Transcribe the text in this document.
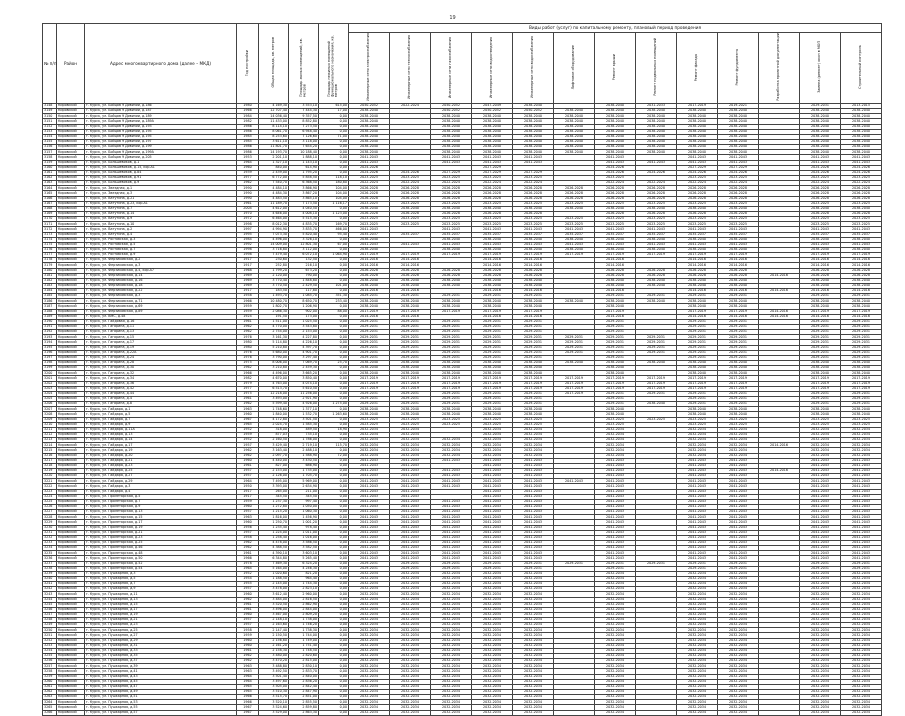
19
№ п/п	Район	Адрес многоквартирного дома (далее – МКД)	Год постройки	Общая площадь, кв. метров	Площадь жилых помещений, кв. метров	Площадь нежилых помещений функционального назначения, кв. метров	Виды работ (услуг) по капитальному ремонту, плановый период проведения												
							Инженерные сети электроснабжения	Инженерные сети теплоснабжения	Инженерные сети газоснабжения	Инженерные сети водоотведения	Инженерные сети водоснабжения	Лифтовое оборудование	Ремонт крыши	Ремонт подвальных помещений	Ремонт фасада	Ремонт фундамента	Разработка проектной документации	Замена (ремонт) окон в МОП	Строительный контроль
3148	Кировский	г. Курск, ул. Бойцов 9 Дивизии, д.186	1980	4 169,30	3 553,10	615,00	2050-2052	2022-2024	2050-2052	2047-2049	2038-2040		2038-2040	2031-2033	2017-2019	2019-2021		2029-2031	2013-2015
3149	Кировский	г. Курск, ул. Бойцов 9 Дивизии, д.187	1966	12 707,40	7 444,30	17,00	2038-2040		2050-2052	2050-2052	2050-2052	2038-2040	2038-2040	2038-2040	2038-2040	2038-2040		2038-2040	2038-2040
3150	Кировский	г. Курск, ул. Бойцов 9 Дивизии, д.189	1984	14 036,40	9 357,50	0,00	2038-2040		2038-2040	2038-2040	2038-2040	2038-2040	2038-2040	2038-2040	2038-2040	2038-2040		2038-2040	2038-2040
3151	Кировский	г. Курск, ул. Бойцов 9 Дивизии, д.189А	1982	11 433,00	8 852,80	0,00	2038-2040		2038-2040	2038-2040	2038-2040	2038-2040	2038-2040	2038-2040	2038-2040	2038-2040		2038-2040	2038-2040
3152	Кировский	г. Курск, ул. Бойцов 9 Дивизии, д.193	1986	8 114,10	7 273,50	0,00	2038-2040		2038-2040	2038-2040	2038-2040	2038-2040	2038-2040	2038-2040	2038-2040	2038-2040		2038-2040	2038-2040
3153	Кировский	г. Курск, ул. Бойцов 9 Дивизии, д.195	1986	8 061,70	6 948,40	0,00	2038-2040		2038-2040	2038-2040	2038-2040	2038-2040	2038-2040	2038-2040	2038-2040	2038-2040		2038-2040	2038-2040
3154	Кировский	г. Курск, ул. Бойцов 9 Дивизии, д.195	1985	8 253,60	7 126,60	71,00	2038-2040		2038-2040	2038-2040	2038-2040	2038-2040	2038-2040	2038-2040	2038-2040	2038-2040		2038-2040	2038-2040
3155	Кировский	г. Курск, ул. Бойцов 9 Дивизии, д.197	1985	3 611,10	3 118,00	0,00	2038-2040		2038-2040	2038-2040	2038-2040	2038-2040	2038-2040	2038-2040	2038-2040	2038-2040		2038-2040	2038-2040
3156	Кировский	г. Курск, ул. Бойцов 9 Дивизии, д.199	1986	11 801,70	7 654,20	0,00	2038-2040		2038-2040	2038-2040	2038-2040	2038-2040	2038-2040	2038-2040	2038-2040	2038-2040		2038-2040	2038-2040
3157	Кировский	г. Курск, ул. Бойцов 9 Дивизии, д.199А	1986	14 193,70	10 188,40	0,00	2038-2040		2038-2040	2038-2040	2038-2040	2038-2040	2038-2040	2038-2040	2038-2040	2038-2040		2038-2040	2038-2040
3158	Кировский	г. Курск, ул. Бойцов 9 Дивизии, д.205	1953	2 201,10	1 888,10	0,00	2041-2043		2041-2043	2041-2043	2041-2043		2041-2043		2041-2043	2041-2043		2041-2043	2041-2043
3159	Кировский	г. Курск, ул. Большевиков, д.1	1964	1 327,10	1 143,10	0,00	2041-2043		2041-2043	2041-2043	2041-2043		2041-2043	2041-2043	2041-2043	2041-2043		2041-2043	2041-2043
3160	Кировский	г. Курск, ул. Большевиков, д.15, кор.А1	1960	840,00	614,90	0,00	2024-2026			2027-2029			2024-2026		2027-2029	2027-2029		2024-2026	2024-2026
3161	Кировский	г. Курск, ул. Большевиков, д.84	1939	2 439,00	1 795,20	0,00	2024-2026	2024-2026	2027-2029	2027-2029	2027-2029		2024-2026	2024-2026	2024-2026	2024-2026		2024-2026	2024-2026
3162	Кировский	г. Курск, ул. Большевиков, д.91	1977	6 772,00	5 858,50	118,10	2023-2025	2023-2025	2023-2025	2023-2025	2023-2025		2023-2025		2023-2025	2023-2025		2023-2025	2023-2025
3163	Кировский	г. Курск, ул. Большевиков, д.9	1962	7 540,70	6 368,50	180,80	2022-2024	2022-2024	2022-2024	2022-2024	2022-2024		2022-2024	2022-2024	2022-2024	2022-2024		2022-2024	2022-2024
3164	Кировский	г. Курск, ул. Звездная, д.1	1990	4 484,10	3 866,90	104,00	2026-2028	2026-2028	2026-2028	2026-2028	2026-2028	2026-2028	2026-2028	2026-2028	2026-2028	2026-2028		2026-2028	2026-2028
3165	Кировский	г. Курск, ул. Звездная, д.3	1990	4 484,30	3 867,20	104,00	2026-2028	2026-2028	2026-2028	2026-2028	2026-2028	2026-2028	2026-2028	2026-2028	2026-2028	2026-2028		2026-2028	2026-2028
3166	Кировский	г. Курск, ул. Ватутина, д.21	1990	4 483,50	3 865,10	104,00	2026-2028	2026-2028	2026-2028	2026-2028	2026-2028	2026-2028	2026-2028	2026-2028	2026-2028	2026-2028		2026-2028	2026-2028
3167	Кировский	г. Курск, ул. Ватутина, д.23, кор.А1	1961	11 189,70	7 173,50	1 116,17	2023-2025	2023-2025	2023-2025	2023-2025	2023-2025	2023-2025	2023-2025	2023-2025	2023-2025	2023-2025		2023-2025	2023-2025
3168	Кировский	г. Курск, ул. Ватутина, д.7	2004	4 612,00	4 040,50	0,00	2038-2040	2038-2040	2038-2040	2038-2040	2038-2040	2038-2040	2038-2040	2038-2040	2038-2040	2038-2040		2038-2040	2038-2040
3169	Кировский	г. Курск, ул. Ватутина, д.14	1970	4 646,00	4 008,10	1 123,00	2026-2028	2026-2028	2026-2028	2026-2028	2026-2028		2026-2028	2026-2028	2026-2028	2026-2028		2026-2028	2026-2028
3170	Кировский	г. Курск, ул. Ватутина, д.9	1972	6 464,00	5 515,30	0,00	2023-2025	2023-2025	2023-2025	2023-2025	2023-2025	2023-2025	2023-2025	2023-2025	2023-2025	2023-2025		2023-2025	2023-2025
3171	Кировский	г. Курск, ул. Ватутина, д.10	1998	8 012,30	4 835,70	169,70	2023-2025	2023-2025	2023-2025	2023-2025	2023-2025	2023-2025	2023-2025	2023-2025	2023-2025	2023-2025		2023-2025	2023-2025
3172	Кировский	г. Курск, ул. Ватутина, д.2	1997	4 994,90	3 835,70	466,00	2041-2043		2041-2043	2041-2043	2041-2043	2041-2043	2041-2043	2041-2043	2041-2043	2041-2043		2041-2043	2041-2043
3173	Кировский	г. Курск, ул. Ватутина, д.4	1995	7 073,30	5 820,40	95,40	2035-2037	2035-2037	2035-2037	2035-2037	2035-2037	2035-2037	2035-2037	2035-2037	2035-2037	2035-2037		2035-2037	2035-2037
3174	Кировский	г. Курск, ул. Ростовская, д.3	1984	4 496,00	3 326,10	0,00	2038-2040		2038-2040	2038-2040	2038-2040	2038-2040	2038-2040	2038-2040	2038-2040	2038-2040		2038-2040	2038-2040
3175	Кировский	г. Курск, ул. Ростовская, д.5	1992	14 009,00	12 801,30	67,00	2041-2043	2041-2043	2041-2043	2041-2043	2041-2043	2041-2043	2041-2043	2041-2043	2041-2043	2041-2043		2041-2043	2041-2043
3176	Кировский	г. Курск, ул. Ростовская, д.7	1998	3 716,80	3 112,00	0,00	2038-2040		2038-2040	2038-2040	2038-2040	2038-2040	2038-2040	2038-2040	2038-2040	2038-2040		2038-2040	2038-2040
3177	Кировский	г. Курск, ул. Ростовская, д.9	1998	7 479,40	6 072,10	1 064,90	2017-2019	2017-2019	2017-2019	2017-2019	2017-2019	2017-2019	2017-2019	2017-2019	2017-2019	2017-2019		2017-2019	2017-2019
3178	Кировский	г. Курск, ул. Ферзиковская, д.2	1917	230,60	132,50	0,00	2014-2016	2014-2016		2014-2016	2014-2016		2014-2016		2014-2016	2014-2016		2014-2016	2014-2016
3179	Кировский	г. Курск, ул. Ферзиковская, д.3	1917	252,80	216,10	0,00	2014-2016	2014-2016		2014-2016	2014-2016		2014-2016		2014-2016	2014-2016		2014-2016	2014-2016
3180	Кировский	г. Курск, ул. Ферзиковская, д.4, кор.А7	1968	1 799,20	673,20	0,00	2026-2028	2026-2028	2026-2028	2026-2028	2026-2028		2026-2028	2026-2028	2026-2028	2026-2028		2026-2028	2026-2028
3181	Кировский	г. Курск, ул. Ферзиковская, д.14	1969	2 120,00	790,00	0,00	2026-2028	2026-2028	2026-2028	2026-2028	2026-2028		2026-2028	2026-2028	2026-2028	2026-2028	2014-2016	2026-2028	2026-2028
3182	Кировский	г. Курск, ул. Ферзиковская, д.16	1969	3 770,40	1 848,80	0,00	2038-2040	2038-2040	2038-2040	2038-2040	2038-2040		2038-2040	2038-2040	2038-2040	2038-2040		2038-2040	2038-2040
3183	Кировский	г. Курск, ул. Ферзиковская, д.18	1969	3 770,50	2 429,50	101,00	2038-2040	2038-2040	2038-2040	2038-2040	2038-2040		2038-2040	2038-2040	2038-2040	2038-2040		2038-2040	2038-2040
3184	Кировский	г. Курск, ул. Ферзиковская, д.22	1917	183,50	117,80	0,00	2014-2016	2014-2016		2014-2016	2014-2016		2014-2016		2014-2016	2014-2016	2014-2016	2014-2016	2014-2016
3185	Кировский	г. Курск, ул. Ферзиковская, д.3	1958	1 493,70	1 085,70	351,30	2029-2031	2029-2031	2029-2031	2029-2031	2029-2031		2029-2031	2029-2031	2029-2031	2029-2031		2029-2031	2029-2031
3186	Кировский	г. Курск, ул. Ферзиковская, д.71	1966	10 480,70	8 650,70	233,40	2038-2040	2038-2040	2038-2040	2038-2040	2038-2040	2038-2040	2038-2040	2038-2040	2038-2040	2038-2040		2038-2040	2038-2040
3187	Кировский	г. Курск, ул. Ферзиковская, д.69	1959	1 802,70	1 206,90	0,00	2038-2040	2038-2040	2038-2040	2038-2040	2038-2040		2038-2040		2038-2040	2038-2040		2038-2040	2038-2040
3188	Кировский	г. Курск, ул. Ферзиковская, д.89	1959	2 086,30	902,00	88,00	2017-2019	2017-2019	2017-2019	2017-2019	2017-2019		2017-2019		2017-2019	2017-2019	2014-2016	2017-2019	2017-2019
3189	Кировский	г. Курск, ул. ВМС, д.48	1924	191,50	173,00	0,00	2014-2016	2014-2016		2014-2016	2014-2016		2014-2016		2014-2016	2014-2016	2014-2016	2014-2016	2014-2016
3190	Кировский	г. Курск, ул. Гайдовая, д.16	1961	1 511,00	1 025,50	0,00	2029-2031	2029-2031	2029-2031	2029-2031	2029-2031		2029-2031		2029-2031	2029-2031		2029-2031	2029-2031
3191	Кировский	г. Курск, ул. Гагарина, д.11	1962	4 770,00	3 543,80	0,00	2029-2031	2029-2031	2029-2031	2029-2031	2029-2031		2029-2031		2029-2031	2029-2031		2029-2031	2029-2031
3192	Кировский	г. Курск, ул. Гагарина, д.13	1962	2 754,00	2 153,00	0,00	2029-2031	2029-2031	2029-2031	2029-2031	2029-2031		2029-2031		2029-2031	2029-2031		2029-2031	2029-2031
3193	Кировский	г. Курск, ул. Гагарина, д.15	1976	3 161,30	4 227,80	0,00	2029-2031	2029-2031	2029-2031	2029-2031	2029-2031	2029-2031	2029-2031	2029-2031	2029-2031	2029-2031		2029-2031	2029-2031
3194	Кировский	г. Курск, ул. Гагарина, д.17	1980	5 114,80	4 226,10	0,00	2029-2031	2029-2031	2029-2031	2029-2031	2029-2031	2029-2031	2029-2031	2029-2031	2029-2031	2029-2031		2029-2031	2029-2031
3195	Кировский	г. Курск, ул. Гагарина, д.19	1980	5 210,80	4 397,70	0,00	2029-2031	2029-2031	2029-2031	2029-2031	2029-2031	2029-2031	2029-2031	2029-2031	2029-2031	2029-2031		2029-2031	2029-2031
3196	Кировский	г. Курск, ул. Гагарина, д.22А	1976	5 680,00	4 901,70	0,00	2029-2031	2029-2031	2029-2031	2029-2031	2029-2031	2029-2031	2029-2031	2029-2031	2029-2031	2029-2031		2029-2031	2029-2031
3197	Кировский	г. Курск, ул. Гагарина, д.24	1976	3 790,00	3 297,40	0,00	2029-2031	2029-2031	2029-2031	2029-2031	2029-2031		2029-2031		2029-2031	2029-2031		2029-2031	2029-2031
3198	Кировский	г. Курск, ул. Гагарина, д.28	1975	8 006,00	7 069,70	25,70	2038-2040	2038-2040	2038-2040	2038-2040	2038-2040	2038-2040	2038-2040	2038-2040	2038-2040	2038-2040		2038-2040	2038-2040
3199	Кировский	г. Курск, ул. Гагарина, д.30	1962	3 210,80	2 459,30	0,00	2038-2040	2038-2040	2038-2040	2038-2040	2038-2040		2038-2040		2038-2040	2038-2040		2038-2040	2038-2040
3200	Кировский	г. Курск, ул. Гагарина, д.32	1966	4 496,00	3 665,20	0,00	2038-2040	2038-2040	2038-2040	2038-2040	2038-2040		2038-2040		2038-2040	2038-2040		2038-2040	2038-2040
3201	Кировский	г. Курск, ул. Гагарина, д.34	1982	4 670,00	3 850,40	0,00	2017-2019	2017-2019	2017-2019	2017-2019	2017-2019	2017-2019	2017-2019	2017-2019	2017-2019	2017-2019		2017-2019	2017-2019
3202	Кировский	г. Курск, ул. Гагарина, д.36	1979	4 763,00	4 074,10	0,00	2017-2019	2017-2019	2017-2019	2017-2019	2017-2019	2017-2019	2017-2019	2017-2019	2017-2019	2017-2019		2017-2019	2017-2019
3203	Кировский	г. Курск, ул. Гагарина, д.42	1977	6 513,70	5 610,50	0,00	2017-2019	2017-2019	2017-2019	2017-2019	2017-2019	2017-2019	2017-2019	2017-2019	2017-2019	2017-2019		2017-2019	2017-2019
3204	Кировский	г. Курск, ул. Гагарина, д.44	1975	12 218,00	11 256,00	0,00	2029-2031	2029-2031	2029-2031	2029-2031	2029-2031	2017-2019	2029-2031	2029-2031	2029-2031	2029-2031		2029-2031	2029-2031
3205	Кировский	г. Курск, ул. Гагарина, д.4	1961	3 493,00	2 921,90	0,00	2029-2031	2029-2031	2029-2031	2029-2031	2029-2031		2029-2031		2029-2031	2029-2031		2029-2031	2029-2031
3206	Кировский	г. Курск, ул. Гагарина, д.8	1962	5 599,40	4 926,00	1 275,00	2029-2031	2029-2031	2029-2031	2029-2031	2029-2031		2029-2031	2038-2040	2029-2031	2029-2031		2029-2031	2029-2031
3207	Кировский	г. Курск, ул. Гайдара, д.1	1963	1 748,60	1 377,10	0,00	2038-2040	2038-2040	2038-2040	2038-2040	2038-2040		2038-2040		2038-2040	2038-2040		2038-2040	2038-2040
3208	Кировский	г. Курск, ул. Гайдара, д.5	1960	1 840,00	1 532,70	1 263,60	2038-2040	2038-2040	2038-2040	2038-2040	2038-2040		2038-2040		2038-2040	2038-2040		2038-2040	2038-2040
3209	Кировский	г. Курск, ул. Гайдара, д.7	1967	4 172,80	3 501,50	0,00	2023-2025	2023-2025	2023-2025	2023-2025	2023-2025		2023-2025	2023-2025	2023-2025	2023-2025		2023-2025	2023-2025
3210	Кировский	г. Курск, ул. Гайдара, д.9	1965	2 024,70	1 585,30	0,00	2023-2025	2023-2025	2023-2025	2023-2025	2023-2025		2023-2025		2023-2025	2023-2025		2023-2025	2023-2025
3211	Кировский	г. Курск, ул. Гайдара, д.11А	1952	318,00	489,50	18,90	2032-2034	2032-2034		2032-2034	2032-2034		2032-2034		2032-2034	2032-2034		2032-2034	2032-2034
3212	Кировский	г. Курск, ул. Гайдара, д.13	1959	877,03	735,10	0,00	2032-2034	2032-2034		2032-2034	2032-2034		2032-2034		2032-2034	2032-2034		2032-2034	2032-2034
3213	Кировский	г. Курск, ул. Гайдара, д.14	1952	2 160,50	1 786,00	0,00	2032-2034	2032-2034	2032-2034	2032-2034	2032-2034		2032-2034		2032-2034	2032-2034		2032-2034	2032-2034
3214	Кировский	г. Курск, ул. Гайдара, д.17	1957	3 429,40	2 719,10	115,70	2032-2034	2032-2034	2032-2034	2032-2034	2032-2034		2032-2034		2032-2034	2032-2034	2014-2016	2032-2034	2032-2034
3215	Кировский	г. Курск, ул. Гайдара, д.19	1962	3 163,40	2 488,10	0,00	2032-2034	2032-2034	2032-2034	2032-2034	2032-2034		2032-2034		2032-2034	2032-2034		2032-2034	2032-2034
3216	Кировский	г. Курск, ул. Гайдара, д.20	1962	2 097,70	1 588,90	72,00	2032-2034	2032-2034	2032-2034	2032-2034	2032-2034		2032-2034		2032-2034	2032-2034		2032-2034	2032-2034
3217	Кировский	г. Курск, ул. Гайдара, д.21	1960	4 440,00	3 430,50	0,00	2041-2043	2041-2043	2041-2043	2041-2043	2041-2043		2041-2043		2041-2043	2041-2043		2041-2043	2041-2043
3218	Кировский	г. Курск, ул. Гайдара, д.23	1961	827,00	686,90	0,00	2041-2043	2041-2043		2041-2043	2041-2043		2041-2043		2041-2043	2041-2043		2041-2043	2041-2043
3219	Кировский	г. Курск, ул. Гайдара, д.25	1957	2 153,00	1 735,00	0,00	2041-2043	2041-2043	2041-2043	2041-2043	2041-2043		2041-2043		2041-2043	2041-2043	2014-2016	2041-2043	2041-2043
3220	Кировский	г. Курск, ул. Гайдара, д.27	1957	2 126,00	1 705,70	0,00	2041-2043	2041-2043	2041-2043	2041-2043	2041-2043		2041-2043		2041-2043	2041-2043		2041-2043	2041-2043
3221	Кировский	г. Курск, ул. Гайдара, д.29	1964	7 495,00	5 969,00	0,00	2041-2043	2041-2043	2041-2043	2041-2043	2041-2043	2041-2043	2041-2043		2041-2043	2041-2043		2041-2043	2041-2043
3222	Кировский	г. Курск, ул. Гайдара, д.3	1950	3 393,00	2 634,90	0,00	2041-2043	2041-2043	2041-2043	2041-2043	2041-2043		2041-2043		2041-2043	2041-2043		2041-2043	2041-2043
3223	Кировский	г. Курск, ул. Гайдара, д.4	1917	265,00	211,00	0,00	2041-2043	2041-2043		2041-2043	2041-2043		2041-2043		2041-2043	2041-2043		2041-2043	2041-2043
3224	Кировский	г. Курск, ул. Пролетарская, д.5	1917	345,50	345,50	0,00	2041-2043	2041-2043		2041-2043	2041-2043		2041-2043		2041-2043	2041-2043		2041-2043	2041-2043
3225	Кировский	г. Курск, ул. Пролетарская, д.7	1959	1 237,30	997,40	0,00	2041-2043	2041-2043	2041-2043	2041-2043	2041-2043		2041-2043		2041-2043	2041-2043		2041-2043	2041-2043
3226	Кировский	г. Курск, ул. Пролетарская, д.9	1960	1 272,80	1 050,00	0,00	2041-2043	2041-2043	2041-2043	2041-2043	2041-2043		2041-2043		2041-2043	2041-2043		2041-2043	2041-2043
3227	Кировский	г. Курск, ул. Пролетарская, д.13	1957	1 215,20	1 060,30	0,00	2041-2043	2041-2043	2041-2043	2041-2043	2041-2043		2041-2043		2041-2043	2041-2043		2041-2043	2041-2043
3228	Кировский	г. Курск, ул. Пролетарская, д.15	1963	1 816,00	1 456,90	0,00	2041-2043	2041-2043	2041-2043	2041-2043	2041-2043		2041-2043		2041-2043	2041-2043		2041-2043	2041-2043
3229	Кировский	г. Курск, ул. Пролетарская, д.17	1960	1 250,70	1 001,20	0,00	2041-2043	2041-2043	2041-2043	2041-2043	2041-2043		2041-2043		2041-2043	2041-2043		2041-2043	2041-2043
3230	Кировский	г. Курск, ул. Пролетарская, д.19	1956	1 235,40	978,40	0,00	2041-2043	2041-2043	2041-2043	2041-2043	2041-2043		2041-2043		2041-2043	2041-2043		2041-2043	2041-2043
3231	Кировский	г. Курск, ул. Пролетарская, д.21	1957	1 224,00	1 011,00	0,00	2041-2043	2041-2043	2041-2043	2041-2043	2041-2043		2041-2043		2041-2043	2041-2043		2041-2043	2041-2043
3232	Кировский	г. Курск, ул. Пролетарская, д.23	1958	1 258,40	1 016,00	0,00	2041-2043	2041-2043	2041-2043	2041-2043	2041-2043		2041-2043		2041-2043	2041-2043		2041-2043	2041-2043
3233	Кировский	г. Курск, ул. Пролетарская, д.25	1962	4 478,00	3 586,50	0,00	2041-2043	2041-2043	2041-2043	2041-2043	2041-2043		2041-2043		2041-2043	2041-2043		2041-2043	2041-2043
3234	Кировский	г. Курск, ул. Пролетарская, д.46	1962	4 388,50	3 582,50	0,00	2041-2043	2041-2043	2041-2043	2041-2043	2041-2043		2041-2043		2041-2043	2041-2043		2041-2043	2041-2043
3235	Кировский	г. Курск, ул. Пролетарская, д.48	1961	4 390,10	3 603,10	0,00	2041-2043	2041-2043	2041-2043	2041-2043	2041-2043		2041-2043		2041-2043	2041-2043		2041-2043	2041-2043
3236	Кировский	г. Курск, ул. Пролетарская, д.50	1966	6 344,80	5 265,40	0,00	2041-2043	2041-2043	2041-2043	2041-2043	2041-2043		2041-2043		2041-2043	2041-2043		2041-2043	2041-2043
3237	Кировский	г. Курск, ул. Пролетарская, д.52	1978	7 469,30	6 324,20	0,00	2029-2031	2029-2031	2029-2031	2029-2031	2029-2031	2029-2031	2029-2031	2029-2031	2029-2031	2029-2031		2029-2031	2029-2031
3238	Кировский	г. Курск, ул. Пролетарская, д.54	1964	5 164,00	4 246,30	0,00	2029-2031	2029-2031	2029-2031	2029-2031	2029-2031		2029-2031		2029-2031	2029-2031		2029-2031	2029-2031
3239	Кировский	г. Курск, ул. Пушкарная, д.3	1952	1 020,60	821,20	0,00	2032-2034	2032-2034	2032-2034	2032-2034	2032-2034		2032-2034		2032-2034	2032-2034		2032-2034	2032-2034
3240	Кировский	г. Курск, ул. Пушкарная, д.5	1954	1 188,50	964,40	0,00	2032-2034	2032-2034	2032-2034	2032-2034	2032-2034		2032-2034		2032-2034	2032-2034		2032-2034	2032-2034
3241	Кировский	г. Курск, ул. Пушкарная, д.7	1955	2 145,00	1 744,30	0,00	2032-2034	2032-2034	2032-2034	2032-2034	2032-2034		2032-2034		2032-2034	2032-2034		2032-2034	2032-2034
3242	Кировский	г. Курск, ул. Пушкарная, д.9	1957	3 478,00	2 823,10	0,00	2032-2034	2032-2034	2032-2034	2032-2034	2032-2034		2032-2034		2032-2034	2032-2034		2032-2034	2032-2034
3243	Кировский	г. Курск, ул. Пушкарная, д.11	1960	3 612,40	2 960,00	0,00	2032-2034	2032-2034	2032-2034	2032-2034	2032-2034		2032-2034		2032-2034	2032-2034		2032-2034	2032-2034
3244	Кировский	г. Курск, ул. Пушкарная, д.13	1962	3 484,00	2 816,50	0,00	2032-2034	2032-2034	2032-2034	2032-2034	2032-2034		2032-2034		2032-2034	2032-2034		2032-2034	2032-2034
3245	Кировский	г. Курск, ул. Пушкарная, д.15	1961	3 520,50	2 862,90	0,00	2032-2034	2032-2034	2032-2034	2032-2034	2032-2034		2032-2034		2032-2034	2032-2034		2032-2034	2032-2034
3246	Кировский	г. Курск, ул. Пушкарная, д.17	1961	3 496,00	2 844,00	0,00	2032-2034	2032-2034	2032-2034	2032-2034	2032-2034		2032-2034		2032-2034	2032-2034		2032-2034	2032-2034
3247	Кировский	г. Курск, ул. Пушкарная, д.19	1960	3 467,00	2 809,20	0,00	2032-2034	2032-2034	2032-2034	2032-2034	2032-2034		2032-2034		2032-2034	2032-2034		2032-2034	2032-2034
3248	Кировский	г. Курск, ул. Пушкарная, д.21	1957	2 148,10	1 738,00	0,00	2032-2034	2032-2034	2032-2034	2032-2034	2032-2034		2032-2034		2032-2034	2032-2034		2032-2034	2032-2034
3249	Кировский	г. Курск, ул. Пушкарная, д.23	1957	2 163,60	1 746,20	0,00	2032-2034	2032-2034	2032-2034	2032-2034	2032-2034		2032-2034		2032-2034	2032-2034		2032-2034	2032-2034
3250	Кировский	г. Курск, ул. Пушкарная, д.25	1958	2 147,40	1 738,30	0,00	2032-2034	2032-2034	2032-2034	2032-2034	2032-2034		2032-2034		2032-2034	2032-2034		2032-2034	2032-2034
3251	Кировский	г. Курск, ул. Пушкарная, д.27	1959	2 150,50	1 744,00	0,00	2032-2034	2032-2034	2032-2034	2032-2034	2032-2034		2032-2034		2032-2034	2032-2034		2032-2034	2032-2034
3252	Кировский	г. Курск, ул. Пушкарная, д.29	1960	2 156,80	1 749,00	0,00	2032-2034	2032-2034	2032-2034	2032-2034	2032-2034		2032-2034		2032-2034	2032-2034		2032-2034	2032-2034
3253	Кировский	г. Курск, ул. Пушкарная, д.31	1960	2 161,20	1 751,40	0,00	2032-2034	2032-2034	2032-2034	2032-2034	2032-2034		2032-2034		2032-2034	2032-2034		2032-2034	2032-2034
3254	Кировский	г. Курск, ул. Пушкарная, д.33	1961	2 158,30	1 748,50	0,00	2032-2034	2032-2034	2032-2034	2032-2034	2032-2034		2032-2034		2032-2034	2032-2034		2032-2034	2032-2034
3255	Кировский	г. Курск, ул. Пушкарная, д.35	1962	3 480,00	2 820,60	0,00	2032-2034	2032-2034	2032-2034	2032-2034	2032-2034		2032-2034		2032-2034	2032-2034		2032-2034	2032-2034
3256	Кировский	г. Курск, ул. Пушкарная, д.37	1962	3 470,20	2 815,00	0,00	2032-2034	2032-2034	2032-2034	2032-2034	2032-2034		2032-2034		2032-2034	2032-2034		2032-2034	2032-2034
3257	Кировский	г. Курск, ул. Пушкарная, д.39	1963	3 488,80	2 830,10	0,00	2032-2034	2032-2034	2032-2034	2032-2034	2032-2034		2032-2034		2032-2034	2032-2034		2032-2034	2032-2034
3258	Кировский	г. Курск, ул. Пушкарная, д.41	1963	3 492,50	2 833,70	0,00	2032-2034	2032-2034	2032-2034	2032-2034	2032-2034		2032-2034		2032-2034	2032-2034		2032-2034	2032-2034
3259	Кировский	г. Курск, ул. Пушкарная, д.43	1964	3 501,40	2 840,00	0,00	2032-2034	2032-2034	2032-2034	2032-2034	2032-2034		2032-2034		2032-2034	2032-2034		2032-2034	2032-2034
3260	Кировский	г. Курск, ул. Пушкарная, д.45	1964	3 497,60	2 836,20	0,00	2032-2034	2032-2034	2032-2034	2032-2034	2032-2034		2032-2034		2032-2034	2032-2034		2032-2034	2032-2034
3261	Кировский	г. Курск, ул. Пушкарная, д.47	1965	3 505,00	2 842,40	0,00	2032-2034	2032-2034	2032-2034	2032-2034	2032-2034		2032-2034		2032-2034	2032-2034		2032-2034	2032-2034
3262	Кировский	г. Курск, ул. Пушкарная, д.49	1965	3 510,30	2 847,90	0,00	2032-2034	2032-2034	2032-2034	2032-2034	2032-2034		2032-2034		2032-2034	2032-2034		2032-2034	2032-2034
3263	Кировский	г. Курск, ул. Пушкарная, д.51	1966	3 515,70	2 851,00	0,00	2032-2034	2032-2034	2032-2034	2032-2034	2032-2034		2032-2034		2032-2034	2032-2034		2032-2034	2032-2034
3264	Кировский	г. Курск, ул. Пушкарная, д.53	1966	3 520,10	2 855,50	0,00	2032-2034	2032-2034	2032-2034	2032-2034	2032-2034		2032-2034		2032-2034	2032-2034		2032-2034	2032-2034
3265	Кировский	г. Курск, ул. Пушкарная, д.55	1967	3 524,60	2 859,80	0,00	2032-2034	2032-2034	2032-2034	2032-2034	2032-2034		2032-2034		2032-2034	2032-2034		2032-2034	2032-2034
3266	Кировский	г. Курск, ул. Пушкарная, д.57	1967	3 529,00	2 863,30	0,00	2032-2034	2032-2034	2032-2034	2032-2034	2032-2034		2032-2034		2032-2034	2032-2034		2032-2034	2032-2034
